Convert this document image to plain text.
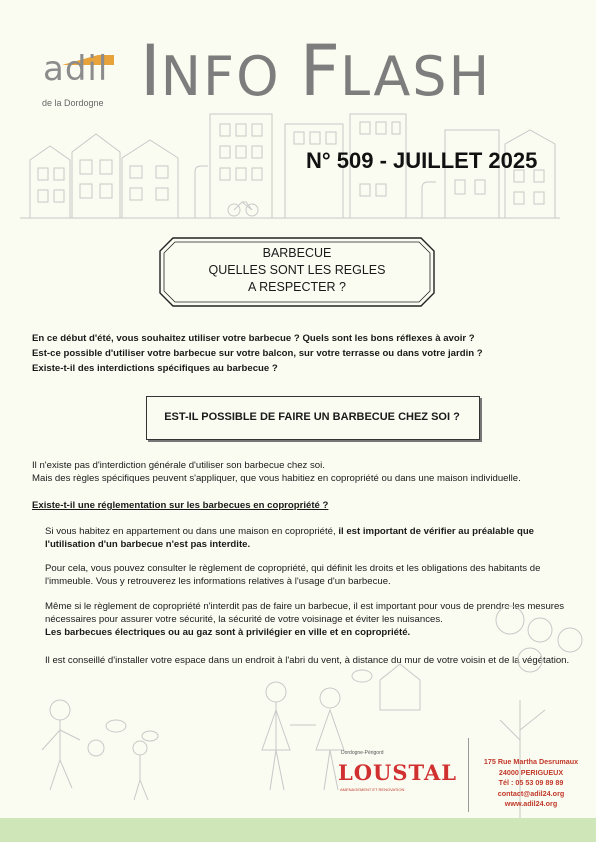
adil
de la Dordogne INFO FLASH
N° 509 - JUILLET 2025
BARBECUE
QUELLES SONT LES REGLES
A RESPECTER ?
En ce début d'été, vous souhaitez utiliser votre barbecue ? Quels sont les bons réflexes à avoir ?
Est-ce possible d'utiliser votre barbecue sur votre balcon, sur votre terrasse ou dans votre jardin ?
Existe-t-il des interdictions spécifiques au barbecue ?
EST-IL POSSIBLE DE FAIRE UN BARBECUE CHEZ SOI ?
Il n'existe pas d'interdiction générale d'utiliser son barbecue chez soi.
Mais des règles spécifiques peuvent s'appliquer, que vous habitiez en copropriété ou dans une maison individuelle.
Existe-t-il une réglementation sur les barbecues en copropriété ?
Si vous habitez en appartement ou dans une maison en copropriété, il est important de vérifier au préalable que l'utilisation d'un barbecue n'est pas interdite.
Pour cela, vous pouvez consulter le règlement de copropriété, qui définit les droits et les obligations des habitants de l'immeuble. Vous y retrouverez les informations relatives à l'usage d'un barbecue.
Même si le règlement de copropriété n'interdit pas de faire un barbecue, il est important pour vous de prendre les mesures nécessaires pour assurer votre sécurité, la sécurité de votre voisinage et éviter les nuisances.
Les barbecues électriques ou au gaz sont à privilégier en ville et en copropriété.
Il est conseillé d'installer votre espace dans un endroit à l'abri du vent, à distance du mur de votre voisin et de la végétation.
Dordogne-Périgord
LOUSTAL
AMENAGEMENT ET RENOVATION
175 Rue Martha Desrumaux
24000 PERIGUEUX
Tél : 05 53 09 89 89
contact@adil24.org
www.adil24.org
